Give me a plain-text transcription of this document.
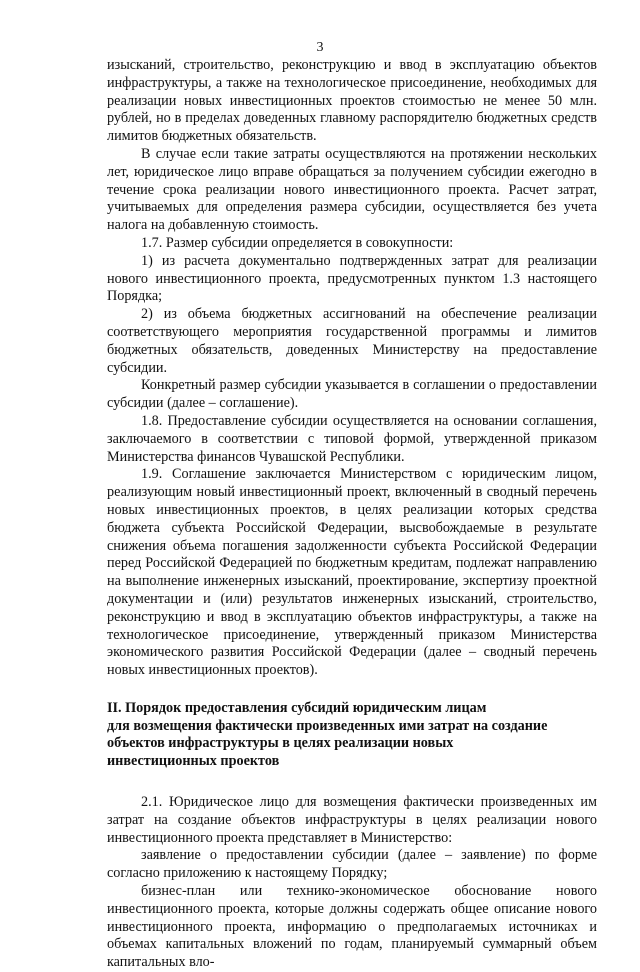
3

изысканий, строительство, реконструкцию и ввод в эксплуатацию объектов инфраструктуры, а также на технологическое присоединение, необходимых для реализации новых инвестиционных проектов стоимостью не менее 50 млн. рублей, но в пределах доведенных главному распорядителю бюджетных средств лимитов бюджетных обязательств.

В случае если такие затраты осуществляются на протяжении нескольких лет, юридическое лицо вправе обращаться за получением субсидии ежегодно в течение срока реализации нового инвестиционного проекта. Расчет затрат, учитываемых для определения размера субсидии, осуществляется без учета налога на добавленную стоимость.

1.7. Размер субсидии определяется в совокупности:

1) из расчета документально подтвержденных затрат для реализации нового инвестиционного проекта, предусмотренных пунктом 1.3 настоящего Порядка;

2) из объема бюджетных ассигнований на обеспечение реализации соответствующего мероприятия государственной программы и лимитов бюджетных обязательств, доведенных Министерству на предоставление субсидии.

Конкретный размер субсидии указывается в соглашении о предоставлении субсидии (далее – соглашение).

1.8. Предоставление субсидии осуществляется на основании соглашения, заключаемого в соответствии с типовой формой, утвержденной приказом Министерства финансов Чувашской Республики.

1.9. Соглашение заключается Министерством с юридическим лицом, реализующим новый инвестиционный проект, включенный в сводный перечень новых инвестиционных проектов, в целях реализации которых средства бюджета субъекта Российской Федерации, высвобождаемые в результате снижения объема погашения задолженности субъекта Российской Федерации перед Российской Федерацией по бюджетным кредитам, подлежат направлению на выполнение инженерных изысканий, проектирование, экспертизу проектной документации и (или) результатов инженерных изысканий, строительство, реконструкцию и ввод в эксплуатацию объектов инфраструктуры, а также на технологическое присоединение, утвержденный приказом Министерства экономического развития Российской Федерации (далее – сводный перечень новых инвестиционных проектов).

II. Порядок предоставления субсидий юридическим лицам

для возмещения фактически произведенных ими затрат на создание

объектов инфраструктуры в целях реализации новых

инвестиционных проектов

2.1. Юридическое лицо для возмещения фактически произведенных им затрат на создание объектов инфраструктуры в целях реализации нового инвестиционного проекта представляет в Министерство:

заявление о предоставлении субсидии (далее – заявление) по форме согласно приложению к настоящему Порядку;

бизнес-план или технико-экономическое обоснование нового инвестиционного проекта, которые должны содержать общее описание нового инвестиционного проекта, информацию о предполагаемых источниках и объемах капитальных вложений по годам, планируемый суммарный объем капитальных вло-
